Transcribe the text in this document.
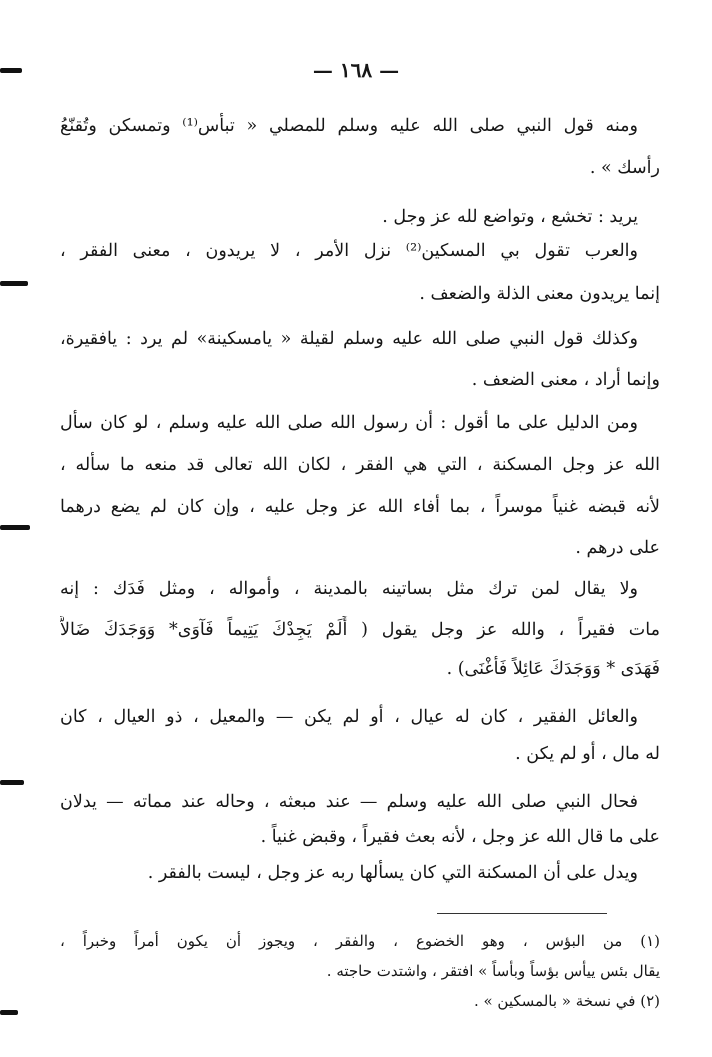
— ١٦٨ —
ومنه قول النبي صلى الله عليه وسلم للمصلي « تبأس⁽¹⁾ وتمسكن وتُقنّعُ
رأسك » .
يريد : تخشع ، وتواضع لله عز وجل .
والعرب تقول بي المسكين⁽²⁾ نزل الأمر ، لا يريدون ، معنى الفقر ،
إنما يريدون معنى الذلة والضعف .
وكذلك قول النبي صلى الله عليه وسلم لقيلة « يامسكينة» لم يرد : يافقيرة،
وإنما أراد ، معنى الضعف .
ومن الدليل على ما أقول : أن رسول الله صلى الله عليه وسلم ، لو كان سأل
الله عز وجل المسكنة ، التي هي الفقر ، لكان الله تعالى قد منعه ما سأله ،
لأنه قبضه غنياً موسراً ، بما أفاء الله عز وجل عليه ، وإن كان لم يضع درهما
على درهم .
ولا يقال لمن ترك مثل بساتينه بالمدينة ، وأمواله ، ومثل فَدَك : إنه
مات فقيراً ، والله عز وجل يقول ( أَلَمْ يَجِدْكَ يَتِيماً فَآوَى* وَوَجَدَكَ ضَالاًّ
فَهَدَى * وَوَجَدَكَ عَائِلاً فَأَغْنَى) .
والعائل الفقير ، كان له عيال ، أو لم يكن — والمعيل ، ذو العيال ، كان
له مال ، أو لم يكن .
فحال النبي صلى الله عليه وسلم — عند مبعثه ، وحاله عند مماته — يدلان
على ما قال الله عز وجل ، لأنه بعث فقيراً ، وقبض غنياً .
ويدل على أن المسكنة التي كان يسألها ربه عز وجل ، ليست بالفقر .
(١) من البؤس ، وهو الخضوع ، والفقر ، ويجوز أن يكون أمراً وخبراً ،
يقال بئس ييأس بؤساً وبأساً » افتقر ، واشتدت حاجته .
(٢) في نسخة « بالمسكين » .
